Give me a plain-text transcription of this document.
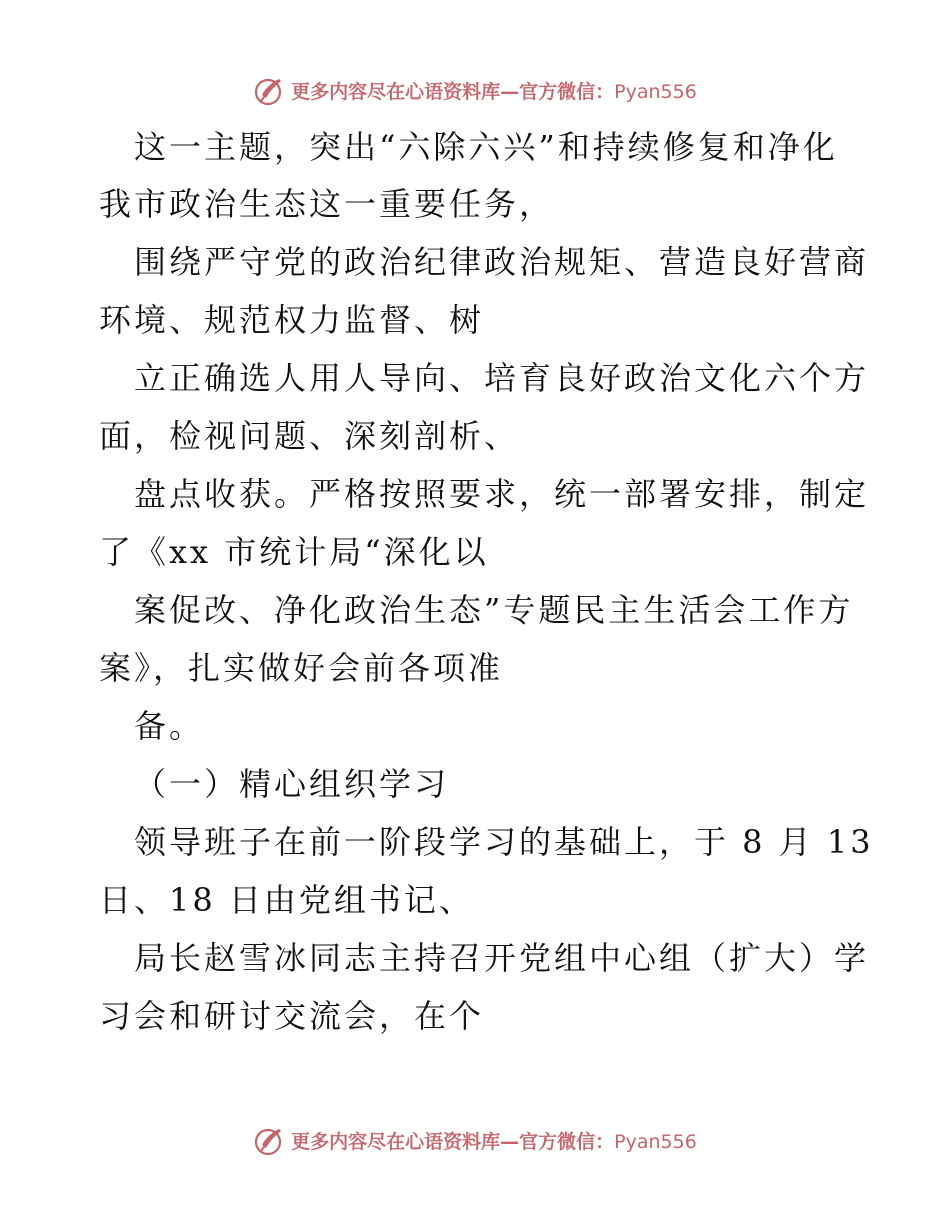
更多内容尽在心语资料库—官方微信：Pyan556
这一主题，突出“六除六兴”和持续修复和净化
我市政治生态这一重要任务，
围绕严守党的政治纪律政治规矩、营造良好营商
环境、规范权力监督、树
立正确选人用人导向、培育良好政治文化六个方
面，检视问题、深刻剖析、
盘点收获。严格按照要求，统一部署安排，制定
了《xx 市统计局“深化以
案促改、净化政治生态”专题民主生活会工作方
案》，扎实做好会前各项准
备。
（一）精心组织学习
领导班子在前一阶段学习的基础上，于 8 月 13
日、18 日由党组书记、
局长赵雪冰同志主持召开党组中心组（扩大）学
习会和研讨交流会，在个
更多内容尽在心语资料库—官方微信：Pyan556
